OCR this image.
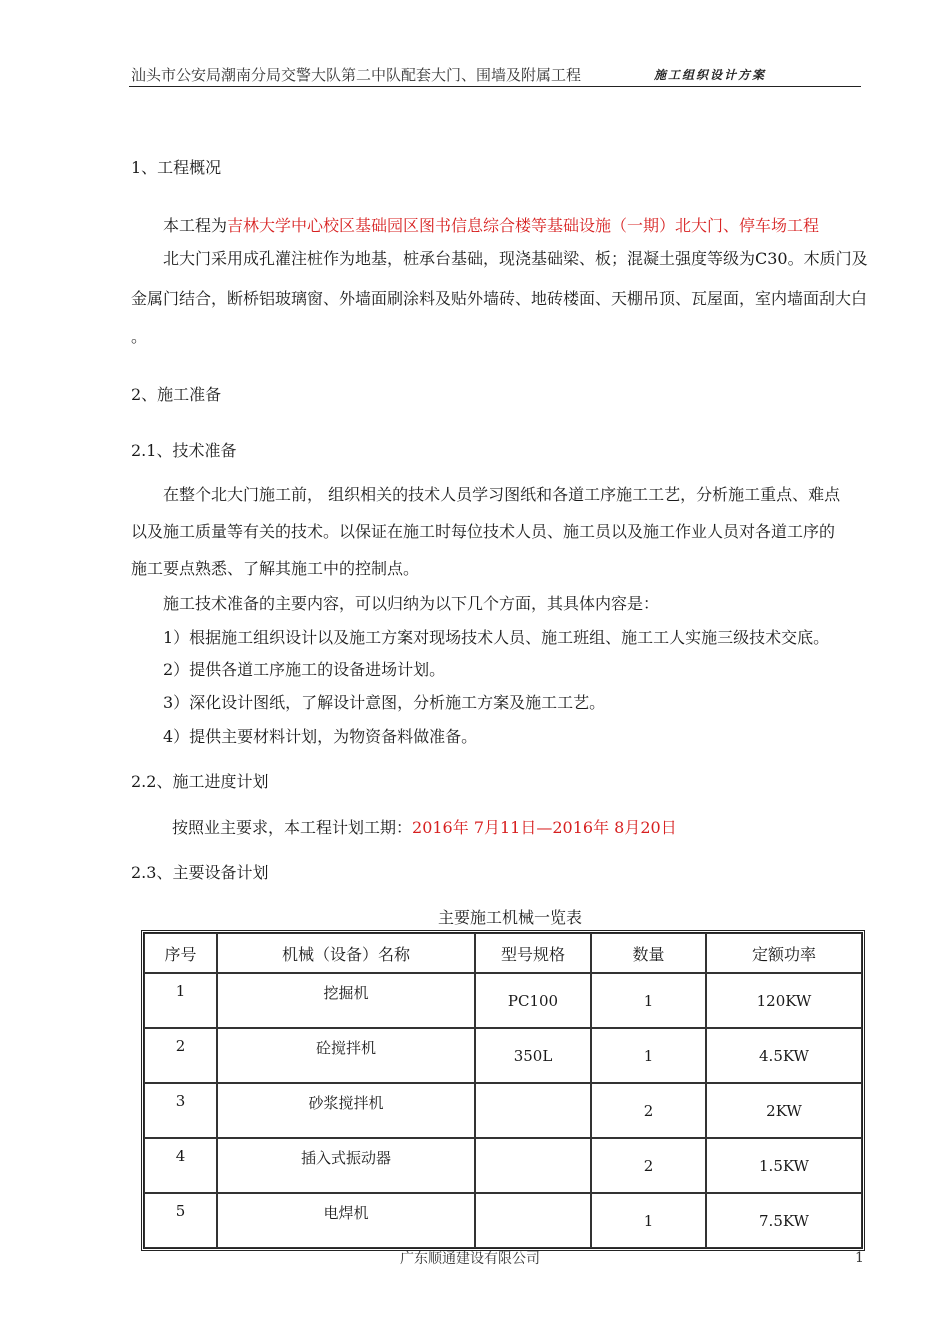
汕头市公安局潮南分局交警大队第二中队配套大门、围墙及附属工程	施工组织设计方案
1、工程概况
本工程为吉林大学中心校区基础园区图书信息综合楼等基础设施（一期）北大门、停车场工程
北大门采用成孔灌注桩作为地基，桩承台基础，现浇基础梁、板；混凝土强度等级为C30。木质门及
金属门结合，断桥铝玻璃窗、外墙面刷涂料及贴外墙砖、地砖楼面、天棚吊顶、瓦屋面，室内墙面刮大白
。
2、施工准备
2.1、技术准备
在整个北大门施工前， 组织相关的技术人员学习图纸和各道工序施工工艺，分析施工重点、难点
以及施工质量等有关的技术。以保证在施工时每位技术人员、施工员以及施工作业人员对各道工序的
施工要点熟悉、了解其施工中的控制点。
施工技术准备的主要内容，可以归纳为以下几个方面，其具体内容是：
1）根据施工组织设计以及施工方案对现场技术人员、施工班组、施工工人实施三级技术交底。
2）提供各道工序施工的设备进场计划。
3）深化设计图纸，了解设计意图，分析施工方案及施工工艺。
4）提供主要材料计划，为物资备料做准备。
2.2、施工进度计划
按照业主要求，本工程计划工期：2016年 7月11日—2016年 8月20日
2.3、主要设备计划
主要施工机械一览表
序号	机械（设备）名称	型号规格	数量	定额功率
1	挖掘机	PC100	1	120KW
2	砼搅拌机	350L	1	4.5KW
3	砂浆搅拌机		2	2KW
4	插入式振动器		2	1.5KW
5	电焊机		1	7.5KW
广东顺通建设有限公司	1
